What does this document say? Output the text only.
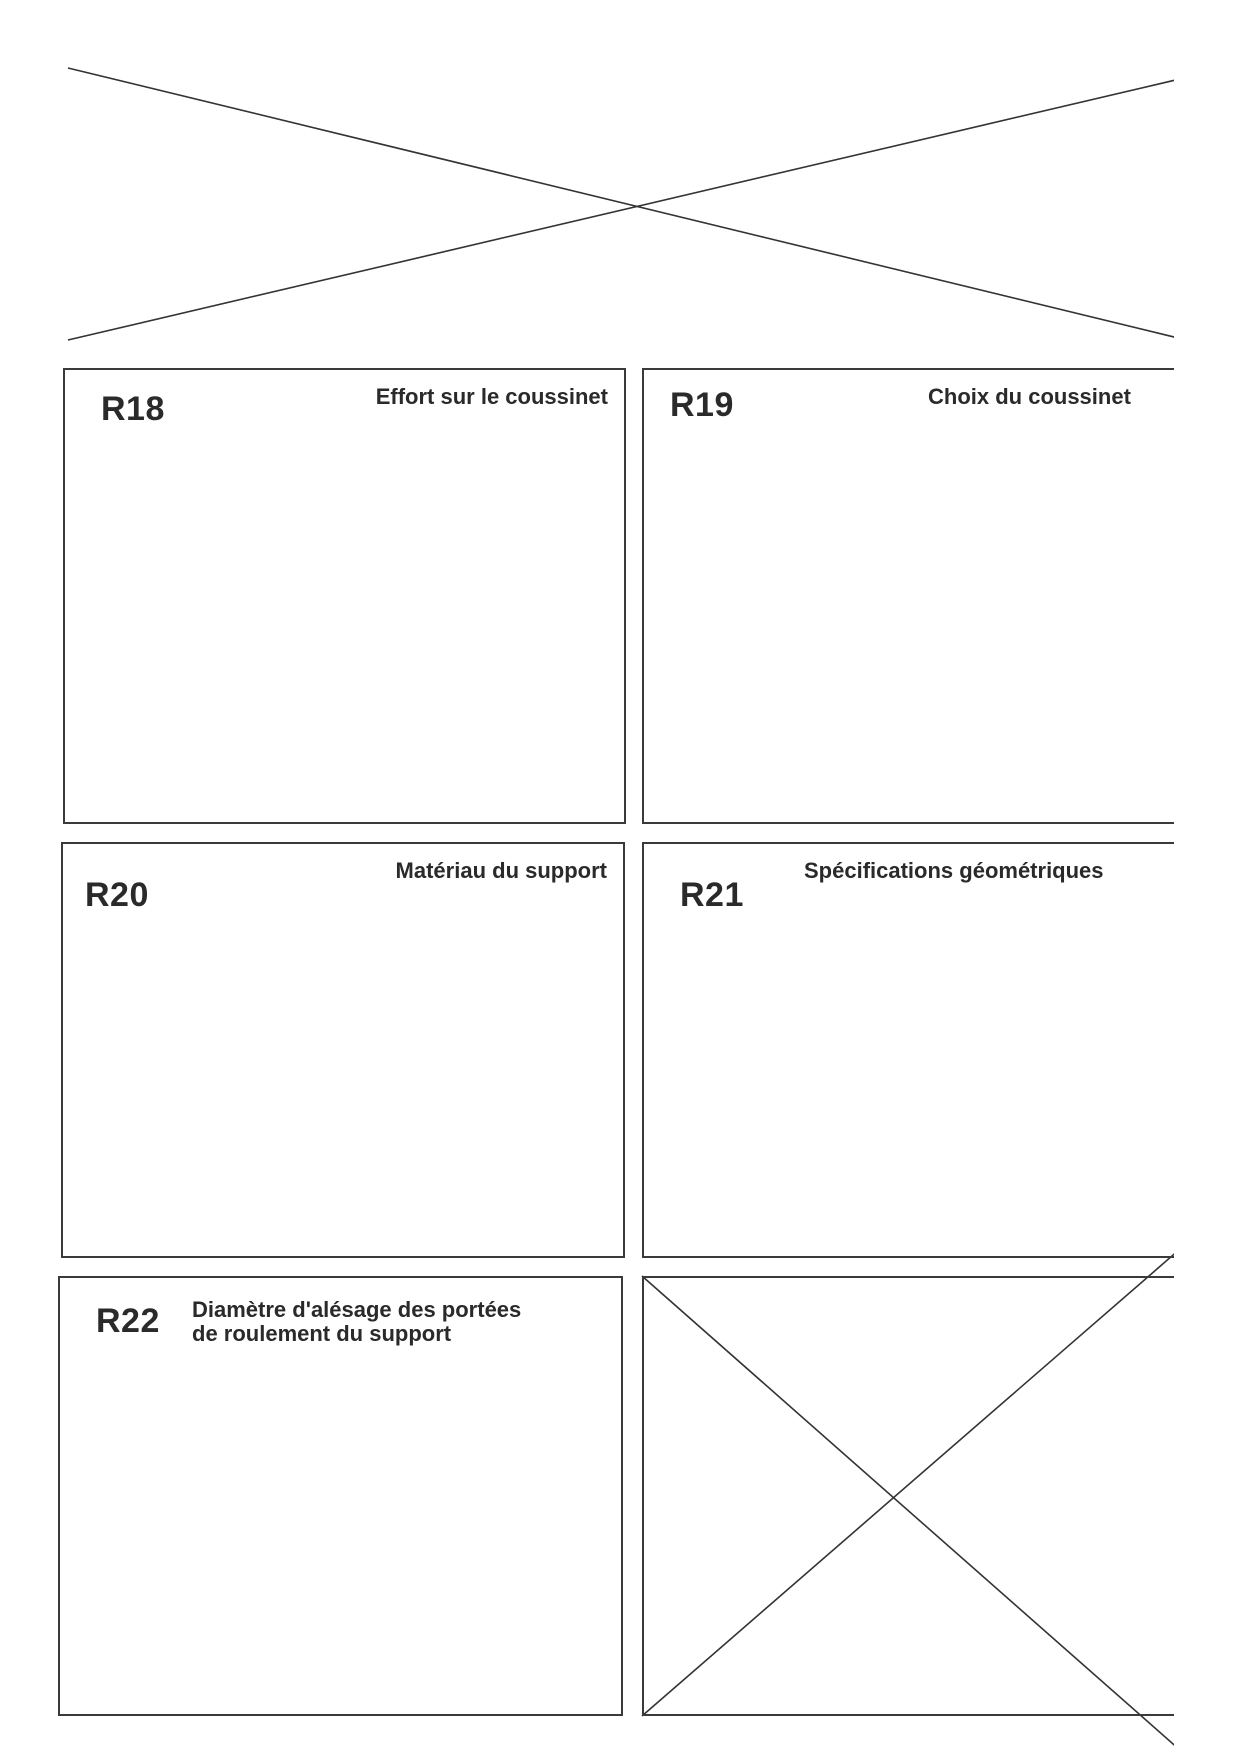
R18	Effort sur le coussinet R19	Choix du coussinet
R20
Matériau du support
R21
Spécifications géométriques
R22 Diamètre d'alésage des portées
de roulement du support
